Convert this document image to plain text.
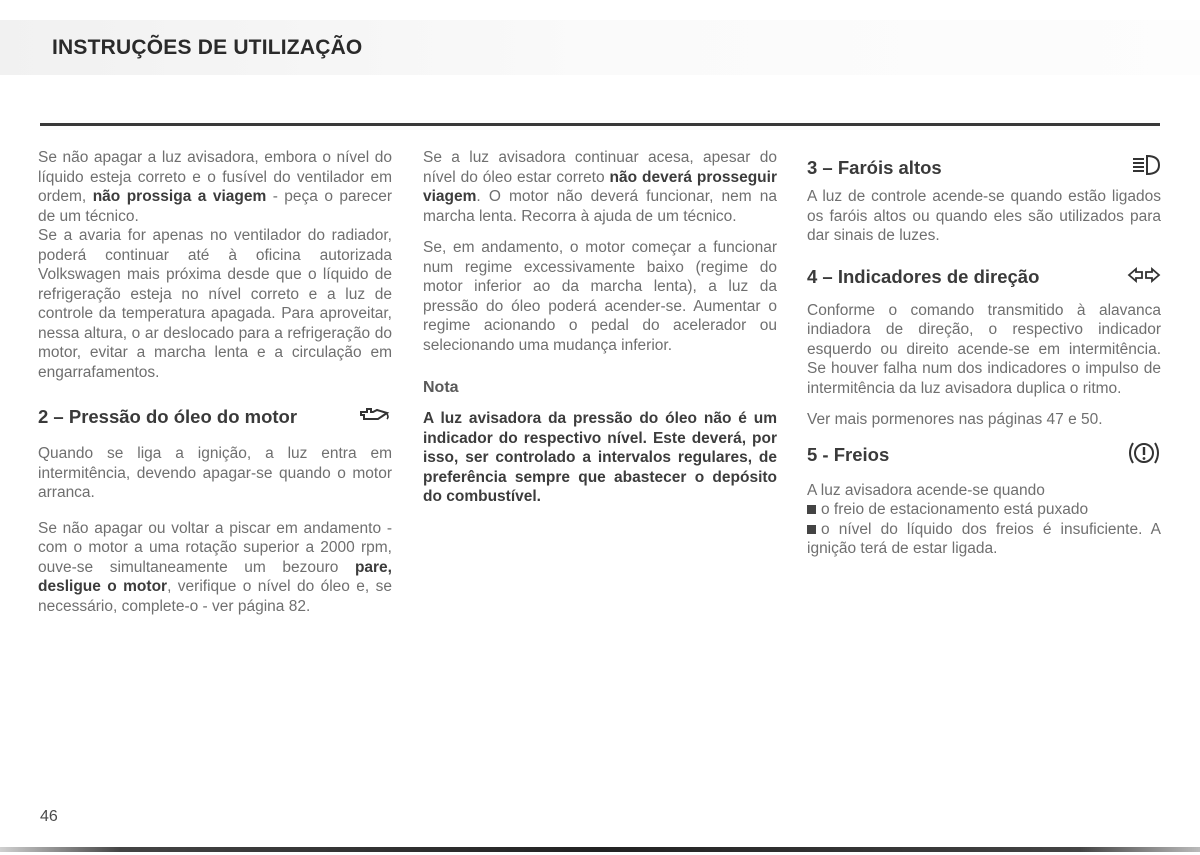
INSTRUÇÕES DE UTILIZAÇÃO

Se não apagar a luz avisadora, embora o nível do líquido esteja correto e o fusível do ventilador em ordem, não prossiga a viagem - peça o parecer de um técnico.
Se a avaria for apenas no ventilador do radiador, poderá continuar até à oficina autorizada Volkswagen mais próxima desde que o líquido de refrigeração esteja no nível correto e a luz de controle da temperatura apagada. Para aproveitar, nessa altura, o ar deslocado para a refrigeração do motor, evitar a marcha lenta e a circulação em engarrafamentos.

2 – Pressão do óleo do motor

Quando se liga a ignição, a luz entra em intermitência, devendo apagar-se quando o motor arranca.

Se não apagar ou voltar a piscar em andamento - com o motor a uma rotação superior a 2000 rpm, ouve-se simultaneamente um bezouro pare, desligue o motor, verifique o nível do óleo e, se necessário, complete-o - ver página 82.

Se a luz avisadora continuar acesa, apesar do nível do óleo estar correto não deverá prosseguir viagem. O motor não deverá funcionar, nem na marcha lenta. Recorra à ajuda de um técnico.

Se, em andamento, o motor começar a funcionar num regime excessivamente baixo (regime do motor inferior ao da marcha lenta), a luz da pressão do óleo poderá acender-se. Aumentar o regime acionando o pedal do acelerador ou selecionando uma mudança inferior.

Nota

A luz avisadora da pressão do óleo não é um indicador do respectivo nível. Este deverá, por isso, ser controlado a intervalos regulares, de preferência sempre que abastecer o depósito do combustível.

3 – Faróis altos

A luz de controle acende-se quando estão ligados os faróis altos ou quando eles são utilizados para dar sinais de luzes.

4 – Indicadores de direção

Conforme o comando transmitido à alavanca indiadora de direção, o respectivo indicador esquerdo ou direito acende-se em intermitência. Se houver falha num dos indicadores o impulso de intermitência da luz avisadora duplica o ritmo.

Ver mais pormenores nas páginas 47 e 50.

5 - Freios

A luz avisadora acende-se quando

o freio de estacionamento está puxado

o nível do líquido dos freios é insuficiente. A ignição terá de estar ligada.

46
